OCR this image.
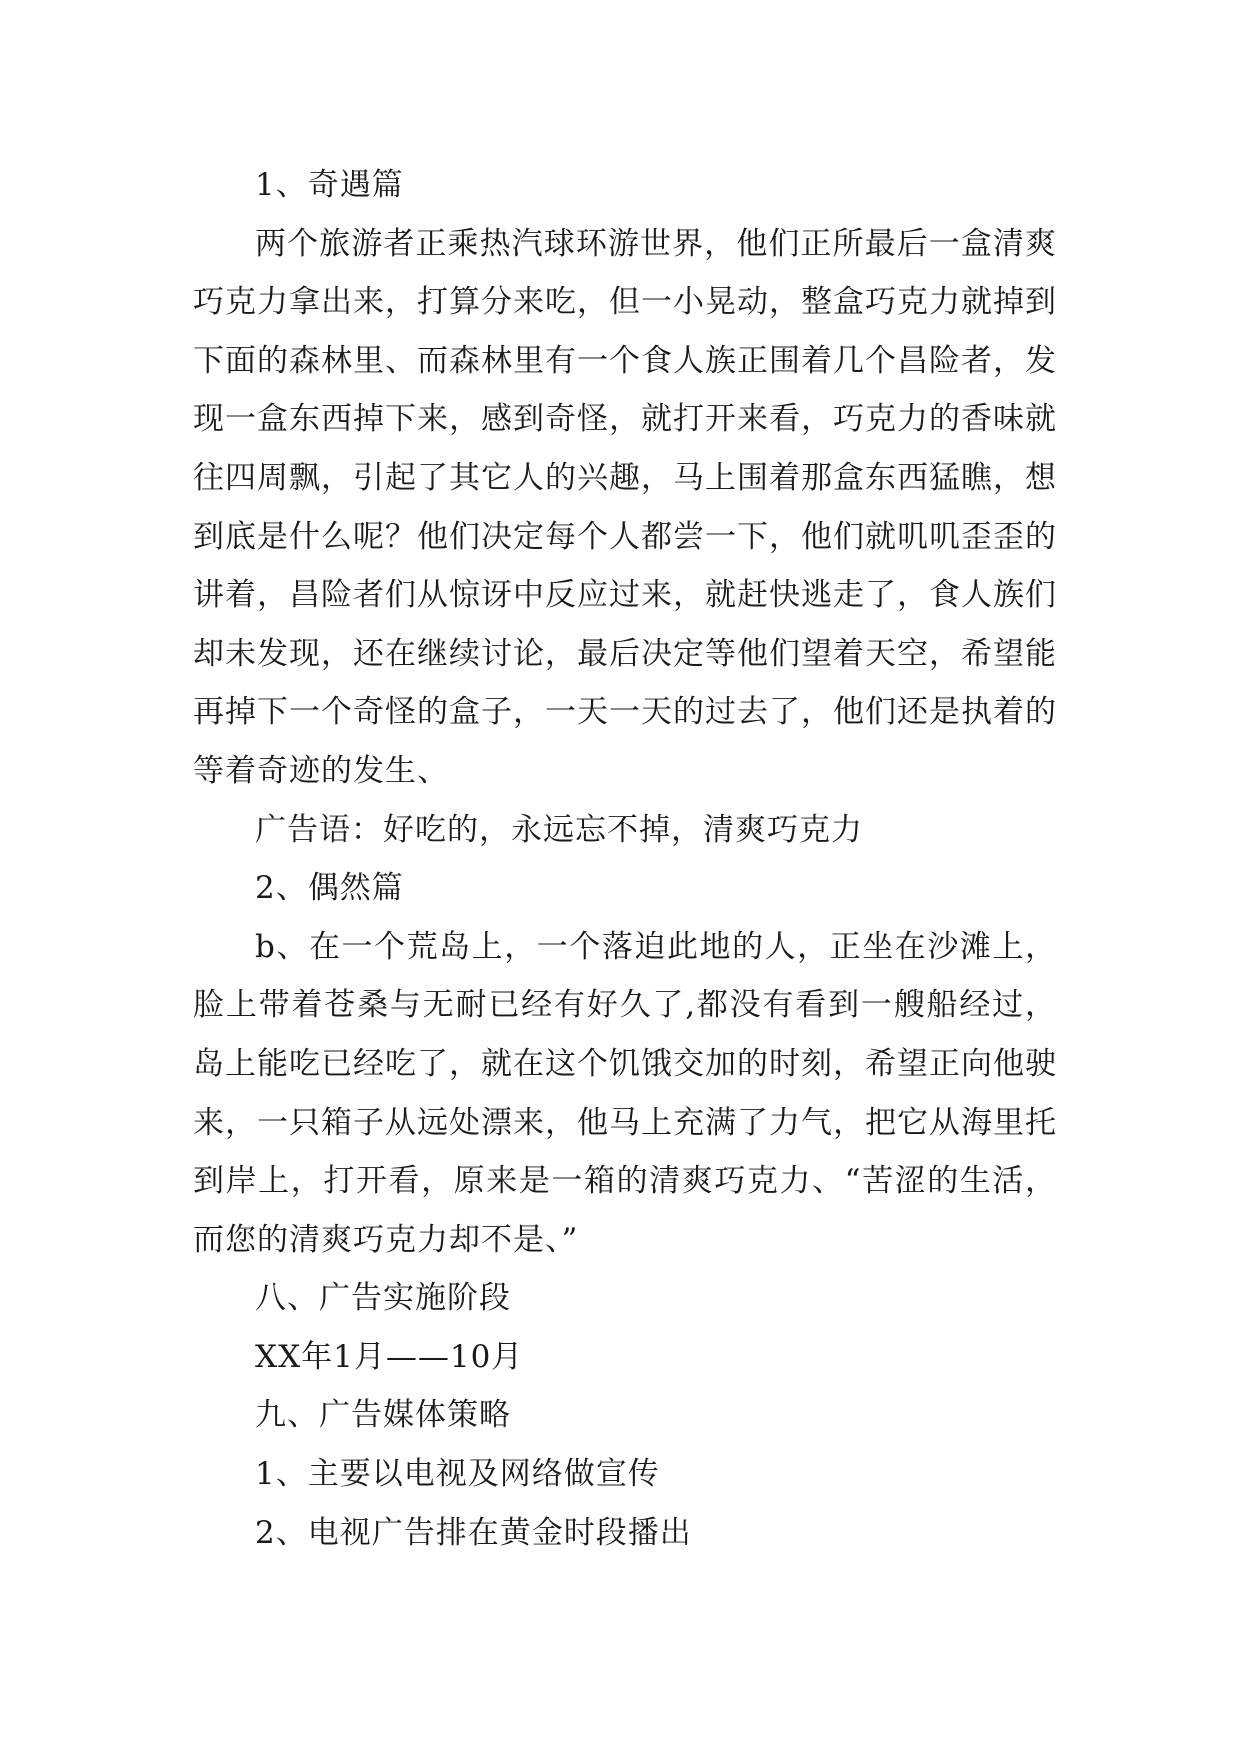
1、奇遇篇

两个旅游者正乘热汽球环游世界，他们正所最后一盒清爽巧克力拿出来，打算分来吃，但一小晃动，整盒巧克力就掉到下面的森林里、而森林里有一个食人族正围着几个昌险者，发现一盒东西掉下来，感到奇怪，就打开来看，巧克力的香味就往四周飘，引起了其它人的兴趣，马上围着那盒东西猛瞧，想到底是什么呢？他们决定每个人都尝一下，他们就叽叽歪歪的讲着，昌险者们从惊讶中反应过来，就赶快逃走了，食人族们却未发现，还在继续讨论，最后决定等他们望着天空，希望能再掉下一个奇怪的盒子，一天一天的过去了，他们还是执着的等着奇迹的发生、

广告语：好吃的，永远忘不掉，清爽巧克力

2、偶然篇

b、在一个荒岛上，一个落迫此地的人，正坐在沙滩上，脸上带着苍桑与无耐已经有好久了,都没有看到一艘船经过，岛上能吃已经吃了，就在这个饥饿交加的时刻，希望正向他驶来，一只箱子从远处漂来，他马上充满了力气，把它从海里托到岸上，打开看，原来是一箱的清爽巧克力、“苦涩的生活，而您的清爽巧克力却不是、”

八、广告实施阶段

XX年1月——10月

九、广告媒体策略

1、主要以电视及网络做宣传

2、电视广告排在黄金时段播出
